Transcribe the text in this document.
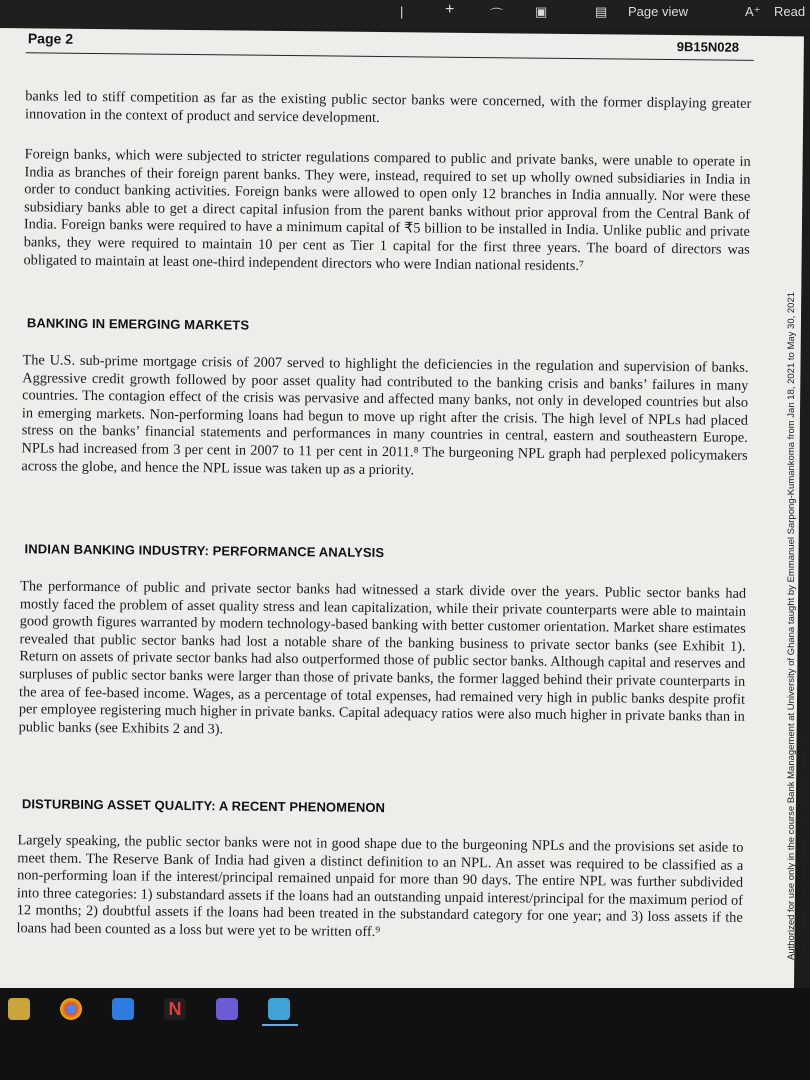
|	+	⌒ ▣	▤ Page view	A⁺ Read
Page 2
9B15N028
banks led to stiff competition as far as the existing public sector banks were concerned, with the former displaying greater innovation in the context of product and service development.
Foreign banks, which were subjected to stricter regulations compared to public and private banks, were unable to operate in India as branches of their foreign parent banks. They were, instead, required to set up wholly owned subsidiaries in India in order to conduct banking activities. Foreign banks were allowed to open only 12 branches in India annually. Nor were these subsidiary banks able to get a direct capital infusion from the parent banks without prior approval from the Central Bank of India. Foreign banks were required to have a minimum capital of ₹5 billion to be installed in India. Unlike public and private banks, they were required to maintain 10 per cent as Tier 1 capital for the first three years. The board of directors was obligated to maintain at least one-third independent directors who were Indian national residents.⁷
BANKING IN EMERGING MARKETS
The U.S. sub-prime mortgage crisis of 2007 served to highlight the deficiencies in the regulation and supervision of banks. Aggressive credit growth followed by poor asset quality had contributed to the banking crisis and banks’ failures in many countries. The contagion effect of the crisis was pervasive and affected many banks, not only in developed countries but also in emerging markets. Non-performing loans had begun to move up right after the crisis. The high level of NPLs had placed stress on the banks’ financial statements and performances in many countries in central, eastern and southeastern Europe. NPLs had increased from 3 per cent in 2007 to 11 per cent in 2011.⁸ The burgeoning NPL graph had perplexed policymakers across the globe, and hence the NPL issue was taken up as a priority.
INDIAN BANKING INDUSTRY: PERFORMANCE ANALYSIS
The performance of public and private sector banks had witnessed a stark divide over the years. Public sector banks had mostly faced the problem of asset quality stress and lean capitalization, while their private counterparts were able to maintain good growth figures warranted by modern technology-based banking with better customer orientation. Market share estimates revealed that public sector banks had lost a notable share of the banking business to private sector banks (see Exhibit 1). Return on assets of private sector banks had also outperformed those of public sector banks. Although capital and reserves and surpluses of public sector banks were larger than those of private banks, the former lagged behind their private counterparts in the area of fee-based income. Wages, as a percentage of total expenses, had remained very high in public banks despite profit per employee registering much higher in private banks. Capital adequacy ratios were also much higher in private banks than in public banks (see Exhibits 2 and 3).
DISTURBING ASSET QUALITY: A RECENT PHENOMENON
Largely speaking, the public sector banks were not in good shape due to the burgeoning NPLs and the provisions set aside to meet them. The Reserve Bank of India had given a distinct definition to an NPL. An asset was required to be classified as a non-performing loan if the interest/principal remained unpaid for more than 90 days. The entire NPL was further subdivided into three categories: 1) substandard assets if the loans had an outstanding unpaid interest/principal for the maximum period of 12 months; 2) doubtful assets if the loans had been treated in the substandard category for one year; and 3) loss assets if the loans had been counted as a loss but were yet to be written off.⁹	Authorized for use only in the course Bank Management at University of Ghana taught by Emmanuel Sarpong-Kumankoma from Jan 18, 2021 to May 30, 2021 Use outside these parameters is a copyright violation.
N
